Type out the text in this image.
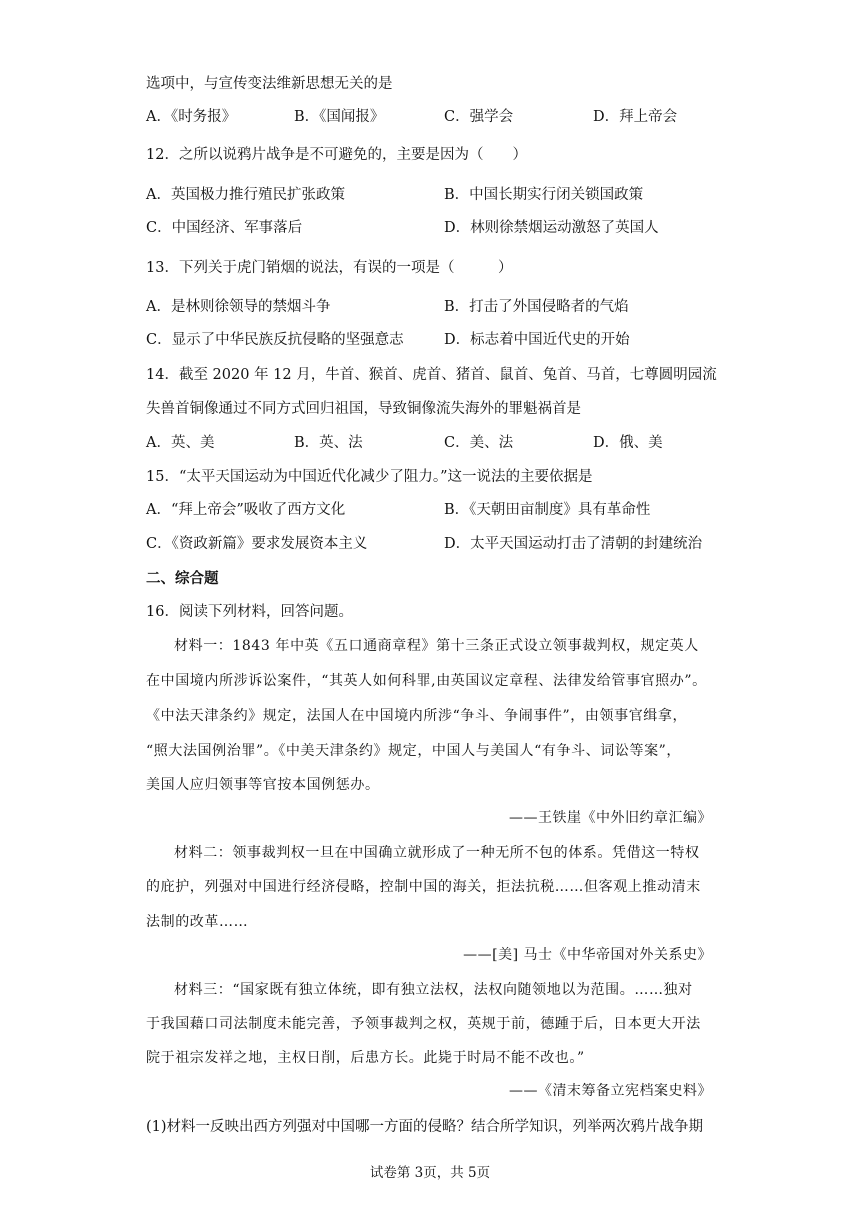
选项中，与宣传变法维新思想无关的是
A．《时务报》	B．《国闻报》	C．强学会	D．拜上帝会
12．之所以说鸦片战争是不可避免的，主要是因为（　　）
A．英国极力推行殖民扩张政策	B．中国长期实行闭关锁国政策
C．中国经济、军事落后	D．林则徐禁烟运动激怒了英国人
13．下列关于虎门销烟的说法，有误的一项是（　　　）
A．是林则徐领导的禁烟斗争	B．打击了外国侵略者的气焰
C．显示了中华民族反抗侵略的坚强意志	D．标志着中国近代史的开始
14．截至 2020 年 12 月，牛首、猴首、虎首、猪首、鼠首、兔首、马首，七尊圆明园流
失兽首铜像通过不同方式回归祖国，导致铜像流失海外的罪魁祸首是
A．英、美	B．英、法	C．美、法	D．俄、美
15．“太平天国运动为中国近代化减少了阻力。”这一说法的主要依据是
A．“拜上帝会”吸收了西方文化	B．《天朝田亩制度》具有革命性
C．《资政新篇》要求发展资本主义	D．太平天国运动打击了清朝的封建统治
二、综合题
16．阅读下列材料，回答问题。
材料一：1843 年中英《五口通商章程》第十三条正式设立领事裁判权，规定英人
在中国境内所涉诉讼案件，“其英人如何科罪,由英国议定章程、法律发给管事官照办”。
《中法天津条约》规定，法国人在中国境内所涉“争斗、争闹事件”，由领事官缉拿，
“照大法国例治罪”。《中美天津条约》规定，中国人与美国人“有争斗、词讼等案”，
美国人应归领事等官按本国例惩办。
——王铁崖《中外旧约章汇编》
材料二：领事裁判权一旦在中国确立就形成了一种无所不包的体系。凭借这一特权
的庇护，列强对中国进行经济侵略，控制中国的海关，拒法抗税……但客观上推动清末
法制的改革……
——[美] 马士《中华帝国对外关系史》
材料三：“国家既有独立体统，即有独立法权，法权向随领地以为范围。……独对
于我国藉口司法制度未能完善，予领事裁判之权，英规于前，德踵于后，日本更大开法
院于祖宗发祥之地，主权日削，后患方长。此毙于时局不能不改也。”
——《清末筹备立宪档案史料》
(1)材料一反映出西方列强对中国哪一方面的侵略？结合所学知识，列举两次鸦片战争期
试卷第 3页，共 5页
